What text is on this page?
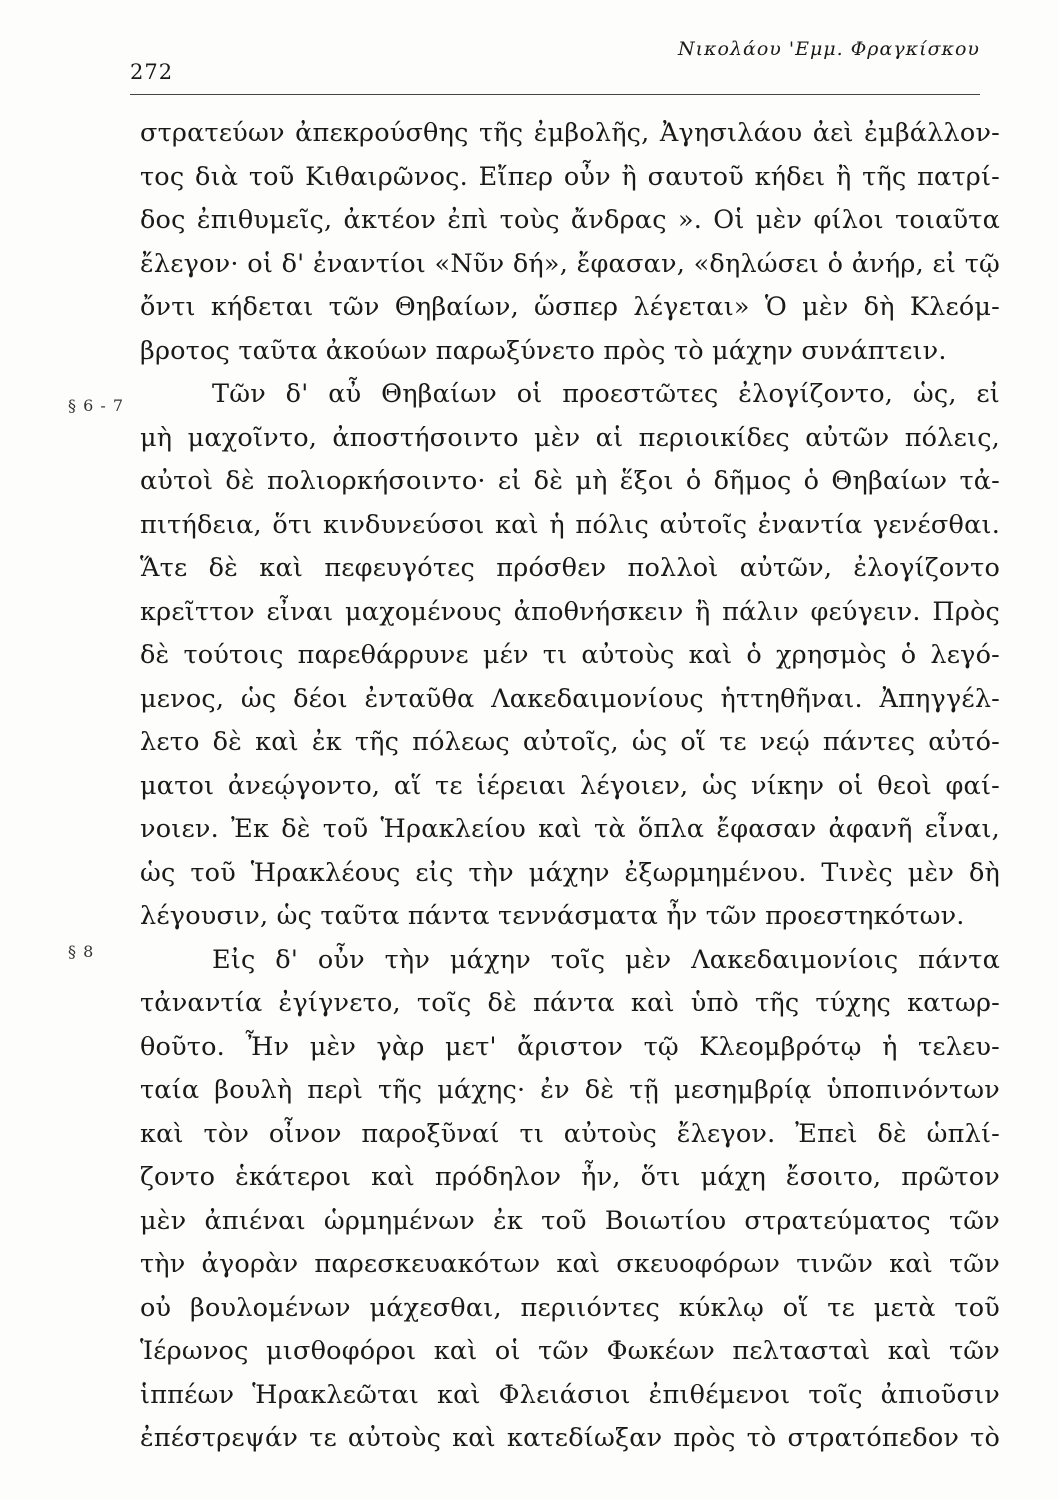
272
Νικολάου 'Εμμ. Φραγκίσκου
§ 6 - 7
§ 8
στρατεύων ἀπεκρούσθης τῆς ἐμβολῆς, Ἀγησιλάου ἀεὶ ἐμβάλλον-
τος διὰ τοῦ Κιθαιρῶνος. Εἴπερ οὖν ἢ σαυτοῦ κήδει ἢ τῆς πατρί-
δος ἐπιθυμεῖς, ἀκτέον ἐπὶ τοὺς ἄνδρας ». Οἱ μὲν φίλοι τοιαῦτα
ἔλεγον· οἱ δ' ἐναντίοι «Νῦν δή», ἔφασαν, «δηλώσει ὁ ἀνήρ, εἰ τῷ
ὄντι κήδεται τῶν Θηβαίων, ὥσπερ λέγεται» Ὁ μὲν δὴ Κλεόμ-
βροτος ταῦτα ἀκούων παρωξύνετο πρὸς τὸ μάχην συνάπτειν.
Τῶν δ' αὖ Θηβαίων οἱ προεστῶτες ἐλογίζοντο, ὡς, εἰ
μὴ μαχοῖντο, ἀποστήσοιντο μὲν αἱ περιοικίδες αὐτῶν πόλεις,
αὐτοὶ δὲ πολιορκήσοιντο· εἰ δὲ μὴ ἕξοι ὁ δῆμος ὁ Θηβαίων τἀ-
πιτήδεια, ὅτι κινδυνεύσοι καὶ ἡ πόλις αὐτοῖς ἐναντία γενέσθαι.
Ἅτε δὲ καὶ πεφευγότες πρόσθεν πολλοὶ αὐτῶν, ἐλογίζοντο
κρεῖττον εἶναι μαχομένους ἀποθνήσκειν ἢ πάλιν φεύγειν. Πρὸς
δὲ τούτοις παρεθάρρυνε μέν τι αὐτοὺς καὶ ὁ χρησμὸς ὁ λεγό-
μενος, ὡς δέοι ἐνταῦθα Λακεδαιμονίους ἡττηθῆναι. Ἀπηγγέλ-
λετο δὲ καὶ ἐκ τῆς πόλεως αὐτοῖς, ὡς οἵ τε νεῴ πάντες αὐτό-
ματοι ἀνεῴγοντο, αἵ τε ἱέρειαι λέγοιεν, ὡς νίκην οἱ θεοὶ φαί-
νοιεν. Ἐκ δὲ τοῦ Ἡρακλείου καὶ τὰ ὅπλα ἔφασαν ἀφανῆ εἶναι,
ὡς τοῦ Ἡρακλέους εἰς τὴν μάχην ἐξωρμημένου. Τινὲς μὲν δὴ
λέγουσιν, ὡς ταῦτα πάντα τεννάσματα ἦν τῶν προεστηκότων.
Εἰς δ' οὖν τὴν μάχην τοῖς μὲν Λακεδαιμονίοις πάντα
τἀναντία ἐγίγνετο, τοῖς δὲ πάντα καὶ ὑπὸ τῆς τύχης κατωρ-
θοῦτο. Ἦν μὲν γὰρ μετ' ἄριστον τῷ Κλεομβρότῳ ἡ τελευ-
ταία βουλὴ περὶ τῆς μάχης· ἐν δὲ τῇ μεσημβρίᾳ ὑποπινόντων
καὶ τὸν οἶνον παροξῦναί τι αὐτοὺς ἔλεγον. Ἐπεὶ δὲ ὡπλί-
ζοντο ἑκάτεροι καὶ πρόδηλον ἦν, ὅτι μάχη ἔσοιτο, πρῶτον
μὲν ἀπιέναι ὡρμημένων ἐκ τοῦ Βοιωτίου στρατεύματος τῶν
τὴν ἀγορὰν παρεσκευακότων καὶ σκευοφόρων τινῶν καὶ τῶν
οὐ βουλομένων μάχεσθαι, περιιόντες κύκλῳ οἵ τε μετὰ τοῦ
Ἱέρωνος μισθοφόροι καὶ οἱ τῶν Φωκέων πελτασταὶ καὶ τῶν
ἱππέων Ἡρακλεῶται καὶ Φλειάσιοι ἐπιθέμενοι τοῖς ἀπιοῦσιν
ἐπέστρεψάν τε αὐτοὺς καὶ κατεδίωξαν πρὸς τὸ στρατόπεδον τὸ
